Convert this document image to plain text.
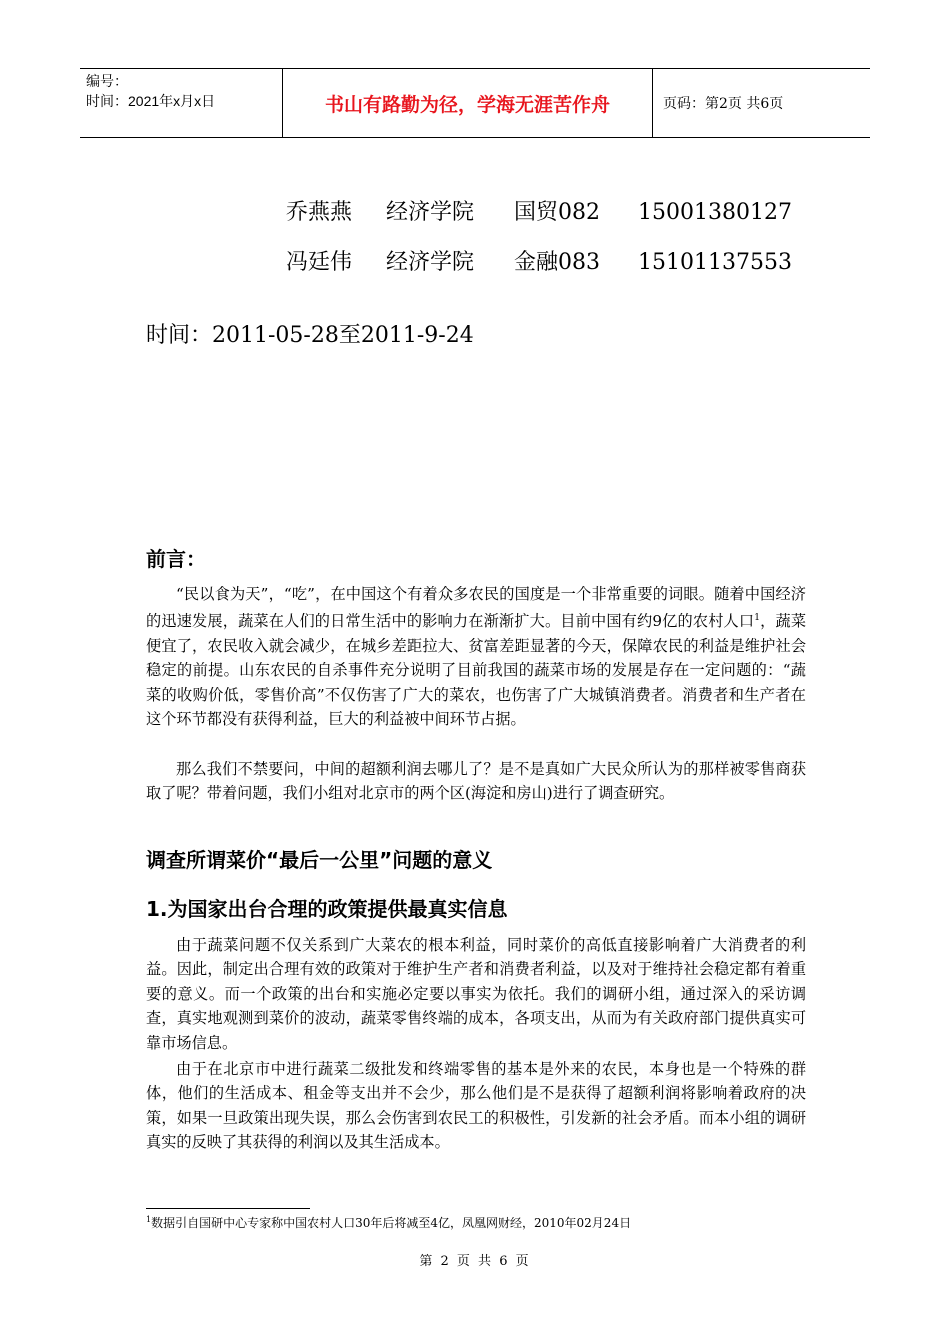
编号：
时间：2021年x月x日	书山有路勤为径，学海无涯苦作舟	页码：第2页 共6页

乔燕燕 经济学院 国贸082 15001380127

冯廷伟 经济学院 金融083 15101137553

时间：2011-05-28至2011-9-24
前言：
“民以食为天”，“吃”，在中国这个有着众多农民的国度是一个非常重要的词眼。随着中国经济的迅速发展，蔬菜在人们的日常生活中的影响力在渐渐扩大。目前中国有约9亿的农村人口$^1$，蔬菜便宜了，农民收入就会减少，在城乡差距拉大、贫富差距显著的今天，保障农民的利益是维护社会稳定的前提。山东农民的自杀事件充分说明了目前我国的蔬菜市场的发展是存在一定问题的：“蔬菜的收购价低，零售价高”不仅伤害了广大的菜农，也伤害了广大城镇消费者。消费者和生产者在这个环节都没有获得利益，巨大的利益被中间环节占据。
那么我们不禁要问，中间的超额利润去哪儿了？是不是真如广大民众所认为的那样被零售商获取了呢？带着问题，我们小组对北京市的两个区(海淀和房山)进行了调查研究。
调查所谓菜价“最后一公里”问题的意义
1.为国家出台合理的政策提供最真实信息
由于蔬菜问题不仅关系到广大菜农的根本利益，同时菜价的高低直接影响着广大消费者的利益。因此，制定出合理有效的政策对于维护生产者和消费者利益，以及对于维持社会稳定都有着重要的意义。而一个政策的出台和实施必定要以事实为依托。我们的调研小组，通过深入的采访调查，真实地观测到菜价的波动，蔬菜零售终端的成本，各项支出，从而为有关政府部门提供真实可靠市场信息。
由于在北京市中进行蔬菜二级批发和终端零售的基本是外来的农民，本身也是一个特殊的群体，他们的生活成本、租金等支出并不会少，那么他们是不是获得了超额利润将影响着政府的决策，如果一旦政策出现失误，那么会伤害到农民工的积极性，引发新的社会矛盾。而本小组的调研真实的反映了其获得的利润以及其生活成本。
$^1$数据引自国研中心专家称中国农村人口30年后将减至4亿，凤凰网财经，2010年02月24日
第 2 页 共 6 页
